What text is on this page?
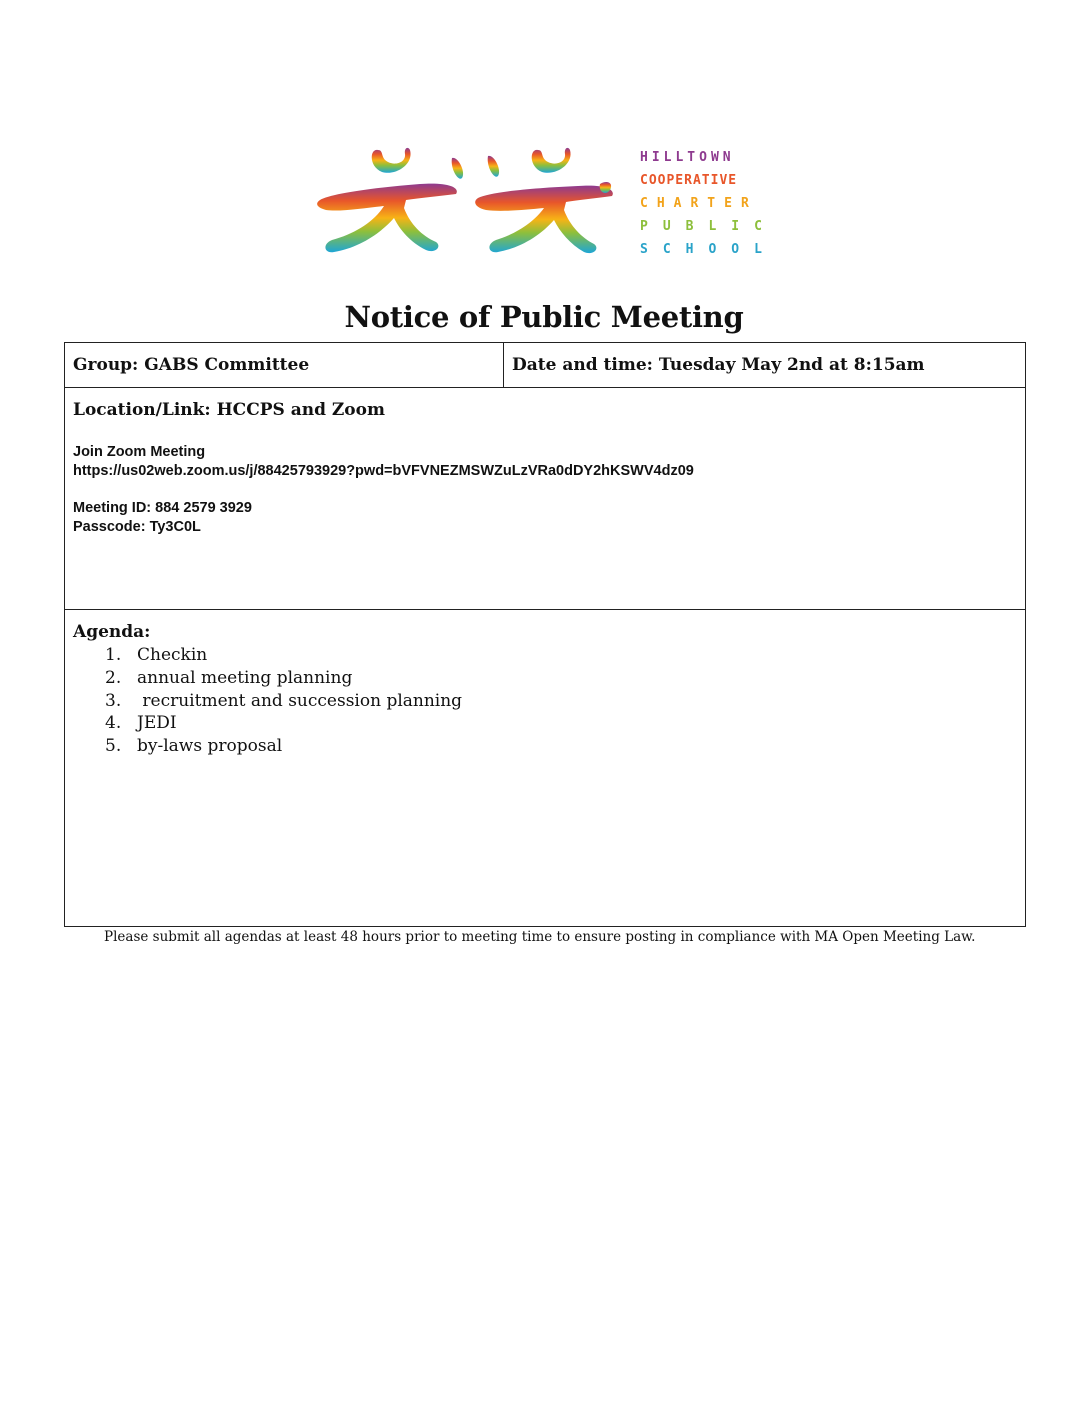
HILLTOWN
COOPERATIVE
CHARTER
PUBLIC
SCHOOL
Notice of Public Meeting
Group: GABS Committee	Date and time: Tuesday May 2nd at 8:15am
Location/Link: HCCPS and Zoom
Join Zoom Meeting
https://us02web.zoom.us/j/88425793929?pwd=bVFVNEZMSWZuLzVRa0dDY2hKSWV4dz09
Meeting ID: 884 2579 3929
Passcode: Ty3C0L
Agenda:
1. Checkin
2. annual meeting planning
3. recruitment and succession planning
4. JEDI
5. by-laws proposal
Please submit all agendas at least 48 hours prior to meeting time to ensure posting in compliance with MA Open Meeting Law.
